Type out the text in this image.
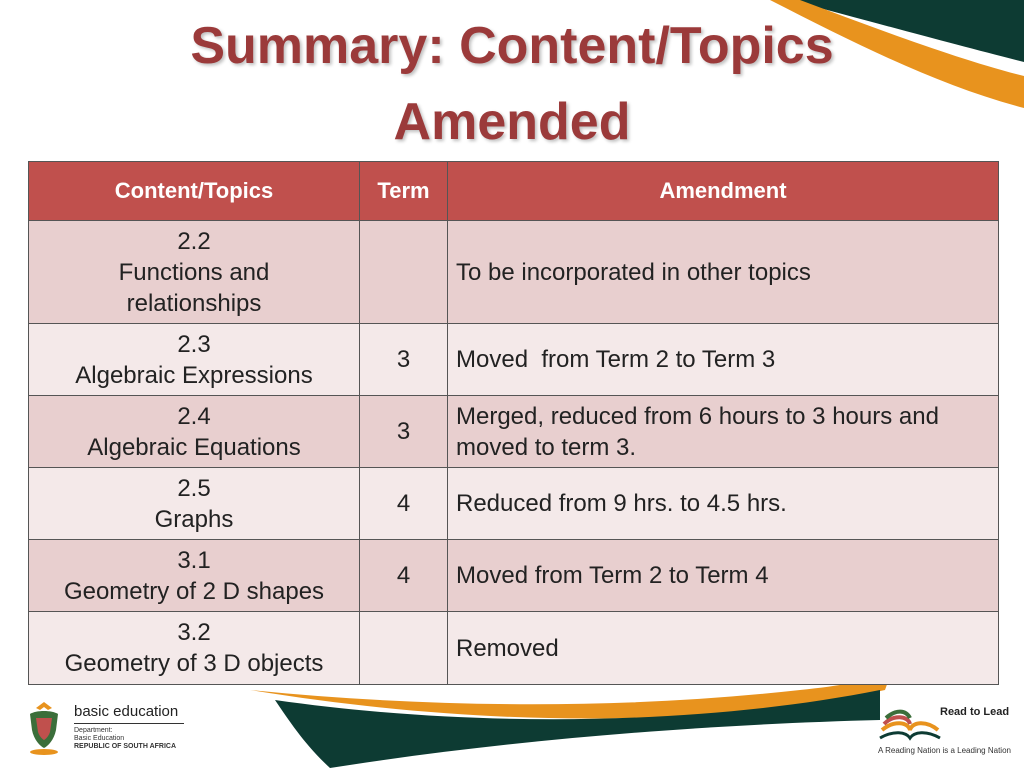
Summary: Content/Topics
Amended
Content/Topics	Term	Amendment

2.2
Functions and relationships		To be incorporated in other topics

2.3
Algebraic Expressions	3	Moved  from Term 2 to Term 3

2.4
Algebraic Equations	3	Merged, reduced from 6 hours to 3 hours and moved to term 3.

2.5
Graphs	4	Reduced from 9 hrs. to 4.5 hrs.

3.1
Geometry of 2 D shapes	4	Moved from Term 2 to Term 4

3.2
Geometry of 3 D objects		Removed
basic education
Department:
Basic Education
REPUBLIC OF SOUTH AFRICA
Read to Lead
A Reading Nation is a Leading Nation
